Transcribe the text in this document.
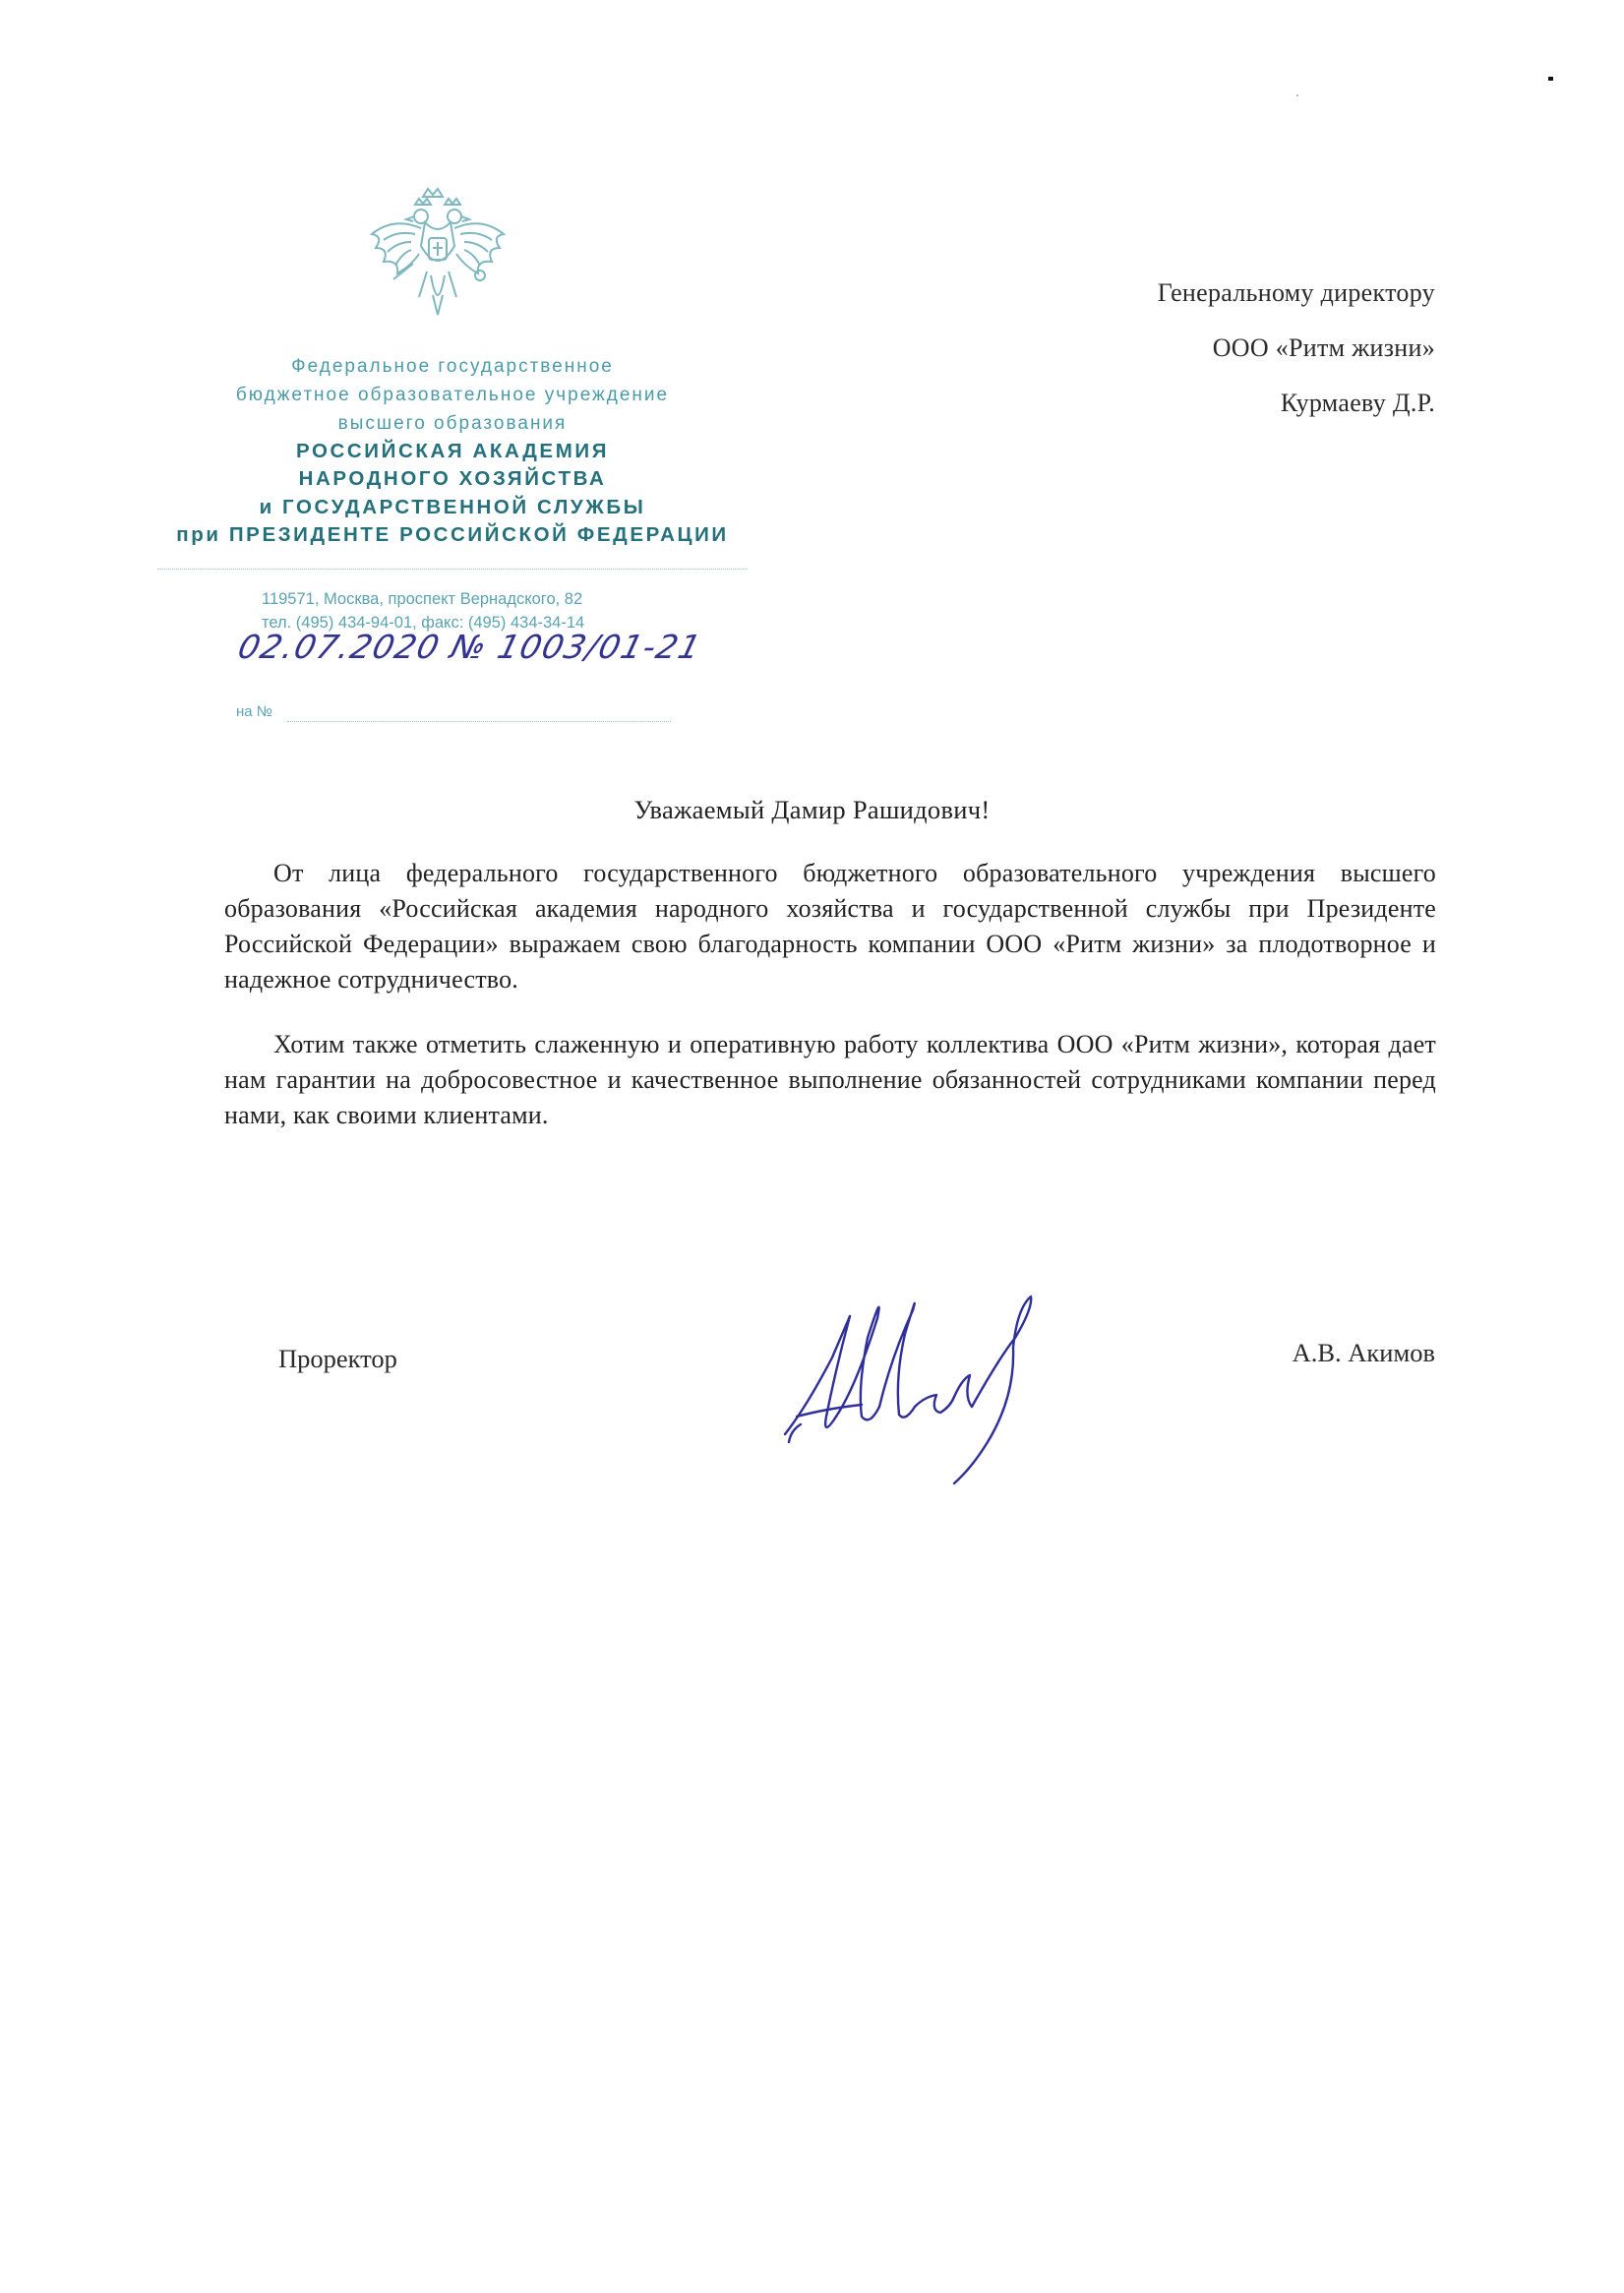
Федеральное государственное
бюджетное образовательное учреждение
высшего образования
РОССИЙСКАЯ АКАДЕМИЯ
НАРОДНОГО ХОЗЯЙСТВА
и ГОСУДАРСТВЕННОЙ СЛУЖБЫ
при ПРЕЗИДЕНТЕ РОССИЙСКОЙ ФЕДЕРАЦИИ
119571, Москва, проспект Вернадского, 82
тел. (495) 434-94-01, факс: (495) 434-34-14
02.07.2020 № 1003/01-21
на №
Генеральному директору
ООО «Ритм жизни»
Курмаеву Д.Р.
Уважаемый Дамир Рашидович!

От лица федерального государственного бюджетного образовательного учреждения высшего образования «Российская академия народного хозяйства и государственной службы при Президенте Российской Федерации» выражаем свою благодарность компании ООО «Ритм жизни» за плодотворное и надежное сотрудничество.

Хотим также отметить слаженную и оперативную работу коллектива ООО «Ритм жизни», которая дает нам гарантии на добросовестное и качественное выполнение обязанностей сотрудниками компании перед нами, как своими клиентами.

Проректор	А.В. Акимов
